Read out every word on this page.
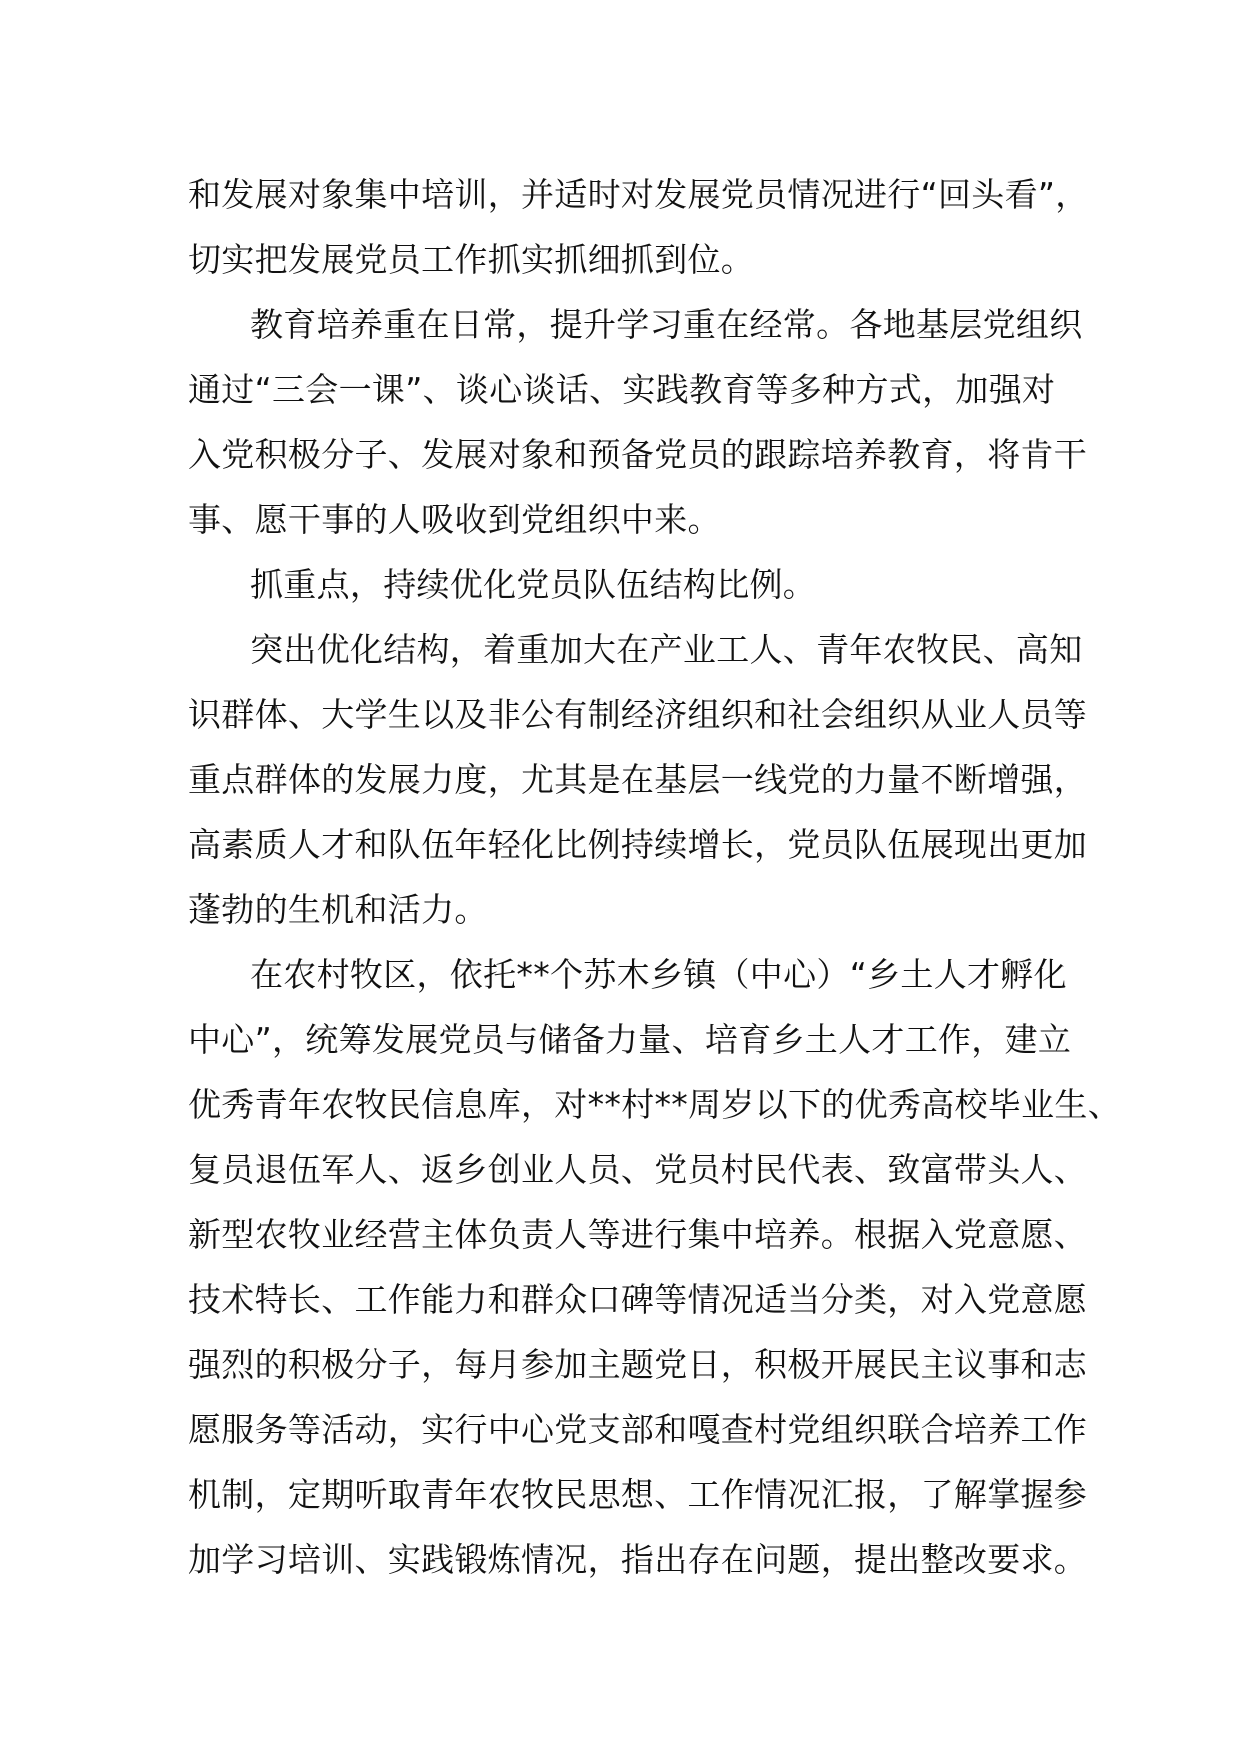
和发展对象集中培训，并适时对发展党员情况进行“回头看”，
切实把发展党员工作抓实抓细抓到位。
教育培养重在日常，提升学习重在经常。各地基层党组织
通过“三会一课”、谈心谈话、实践教育等多种方式，加强对
入党积极分子、发展对象和预备党员的跟踪培养教育，将肯干
事、愿干事的人吸收到党组织中来。
抓重点，持续优化党员队伍结构比例。
突出优化结构，着重加大在产业工人、青年农牧民、高知
识群体、大学生以及非公有制经济组织和社会组织从业人员等
重点群体的发展力度，尤其是在基层一线党的力量不断增强，
高素质人才和队伍年轻化比例持续增长，党员队伍展现出更加
蓬勃的生机和活力。
在农村牧区，依托**个苏木乡镇（中心）“乡土人才孵化
中心”，统筹发展党员与储备力量、培育乡土人才工作，建立
优秀青年农牧民信息库，对**村**周岁以下的优秀高校毕业生、
复员退伍军人、返乡创业人员、党员村民代表、致富带头人、
新型农牧业经营主体负责人等进行集中培养。根据入党意愿、
技术特长、工作能力和群众口碑等情况适当分类，对入党意愿
强烈的积极分子，每月参加主题党日，积极开展民主议事和志
愿服务等活动，实行中心党支部和嘎查村党组织联合培养工作
机制，定期听取青年农牧民思想、工作情况汇报，了解掌握参
加学习培训、实践锻炼情况，指出存在问题，提出整改要求。
